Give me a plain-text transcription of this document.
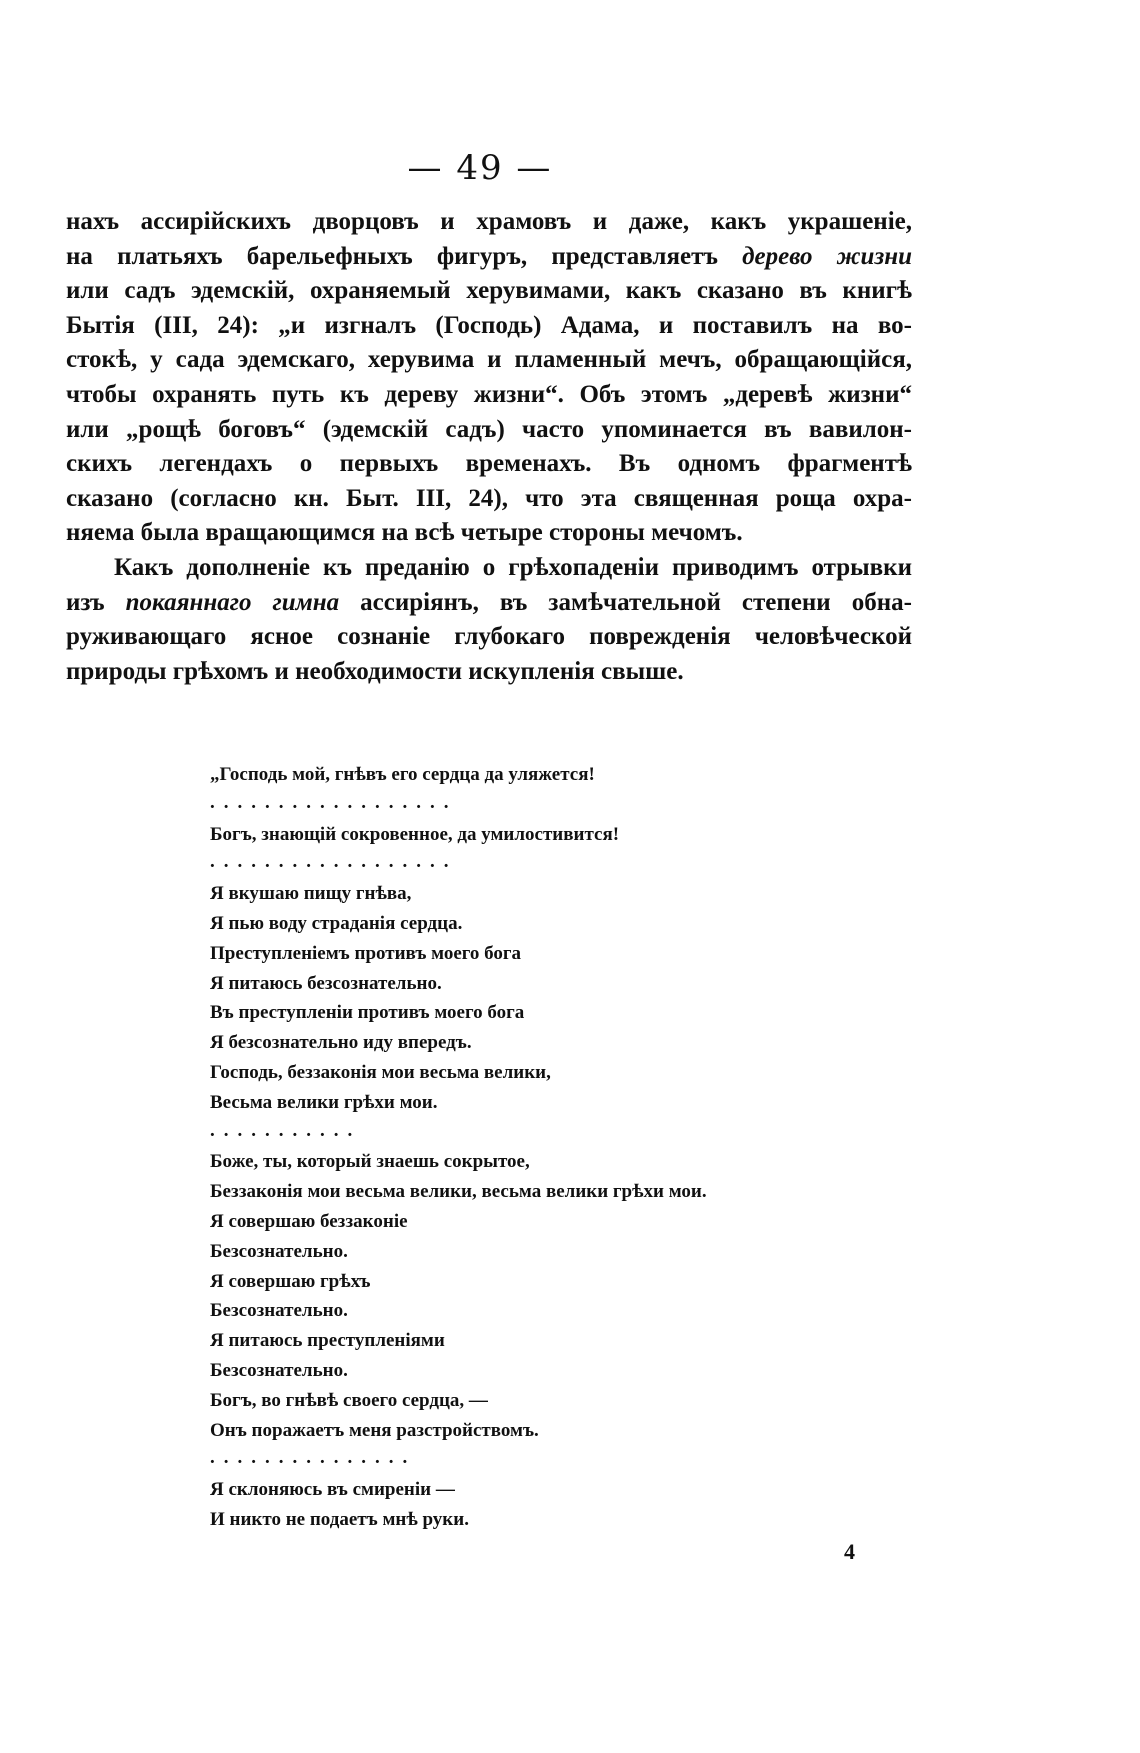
— 49 —
нахъ ассирійскихъ дворцовъ и храмовъ и даже, какъ украшеніе,
на платьяхъ барельефныхъ фигуръ, представляетъ дерево жизни
или садъ эдемскій, охраняемый херувимами, какъ сказано въ книгѣ
Бытія (III, 24): „и изгналъ (Господь) Адама, и поставилъ на во-
стокѣ, у сада эдемскаго, херувима и пламенный мечъ, обращающійся,
чтобы охранять путь къ дереву жизни“. Объ этомъ „деревѣ жизни“
или „рощѣ боговъ“ (эдемскій садъ) часто упоминается въ вавилон-
скихъ легендахъ о первыхъ временахъ. Въ одномъ фрагментѣ
сказано (согласно кн. Быт. III, 24), что эта священная роща охра-
няема была вращающимся на всѣ четыре стороны мечомъ.
Какъ дополненіе къ преданію о грѣхопаденіи приводимъ отрывки
изъ покаяннаго гимна ассиріянъ, въ замѣчательной степени обна-
руживающаго ясное сознаніе глубокаго поврежденія человѣческой
природы грѣхомъ и необходимости искупленія свыше.
„Господь мой, гнѣвъ его сердца да уляжется!
..................
Богъ, знающій сокровенное, да умилостивится!
..................
Я вкушаю пищу гнѣва,
Я пью воду страданія сердца.
Преступленіемъ противъ моего бога
Я питаюсь безсознательно.
Въ преступленіи противъ моего бога
Я безсознательно иду впередъ.
Господь, беззаконія мои весьма велики,
Весьма велики грѣхи мои.
...........
Боже, ты, который знаешь сокрытое,
Беззаконія мои весьма велики, весьма велики грѣхи мои.
Я совершаю беззаконіе
Безсознательно.
Я совершаю грѣхъ
Безсознательно.
Я питаюсь преступленіями
Безсознательно.
Богъ, во гнѣвѣ своего сердца, —
Онъ поражаетъ меня разстройствомъ.
...............
Я склоняюсь въ смиреніи —
И никто не подаетъ мнѣ руки.
4
